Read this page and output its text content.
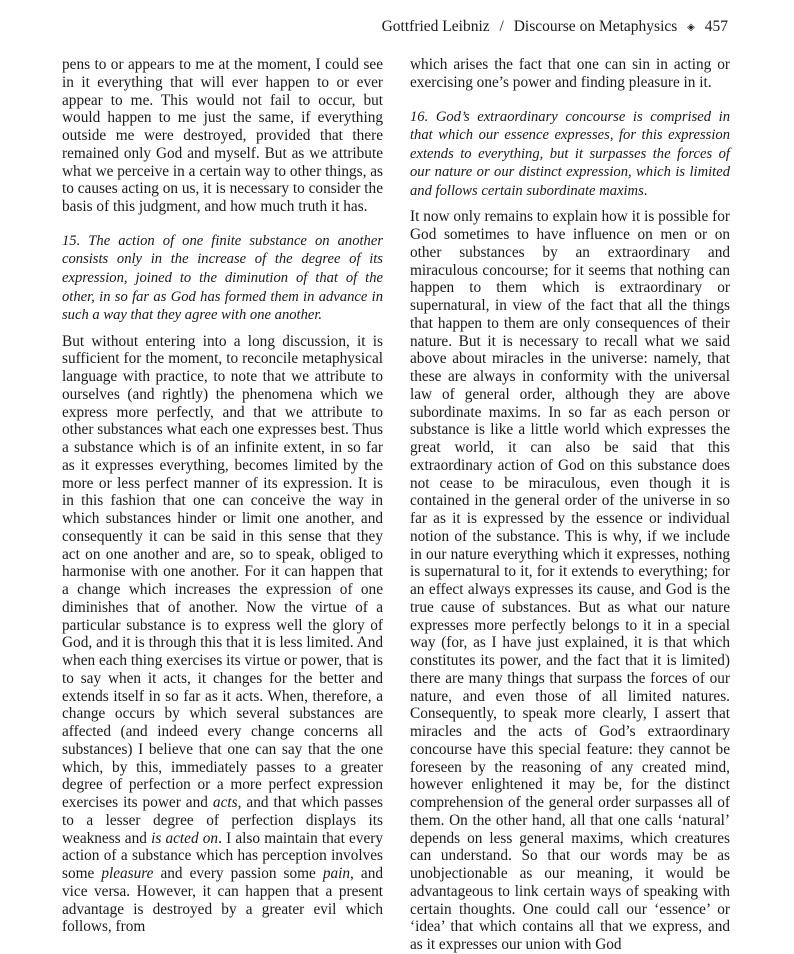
Gottfried Leibniz / Discourse on Metaphysics ◈ 457

pens to or appears to me at the moment, I could see in it everything that will ever happen to or ever appear to me. This would not fail to occur, but would happen to me just the same, if everything outside me were destroyed, provided that there remained only God and myself. But as we attribute what we perceive in a certain way to other things, as to causes acting on us, it is necessary to consider the basis of this judgment, and how much truth it has.

15. The action of one finite substance on another consists only in the increase of the degree of its expression, joined to the diminution of that of the other, in so far as God has formed them in advance in such a way that they agree with one another.

But without entering into a long discussion, it is sufficient for the moment, to reconcile metaphysical language with practice, to note that we attribute to ourselves (and rightly) the phenomena which we express more perfectly, and that we attribute to other substances what each one expresses best. Thus a substance which is of an infinite extent, in so far as it expresses everything, becomes limited by the more or less perfect manner of its expression. It is in this fashion that one can conceive the way in which substances hinder or limit one another, and consequently it can be said in this sense that they act on one another and are, so to speak, obliged to harmonise with one another. For it can happen that a change which increases the expression of one diminishes that of another. Now the virtue of a particular substance is to express well the glory of God, and it is through this that it is less limited. And when each thing exercises its virtue or power, that is to say when it acts, it changes for the better and extends itself in so far as it acts. When, therefore, a change occurs by which several substances are affected (and indeed every change concerns all substances) I believe that one can say that the one which, by this, immediately passes to a greater degree of perfection or a more perfect expression exercises its power and acts, and that which passes to a lesser degree of perfection displays its weakness and is acted on. I also maintain that every action of a substance which has perception involves some pleasure and every passion some pain, and vice versa. However, it can happen that a present advantage is destroyed by a greater evil which follows, from

which arises the fact that one can sin in acting or exercising one’s power and finding pleasure in it.

16. God’s extraordinary concourse is comprised in that which our essence expresses, for this expression extends to everything, but it surpasses the forces of our nature or our distinct expression, which is limited and follows certain subordinate maxims.

It now only remains to explain how it is possible for God sometimes to have influence on men or on other substances by an extraordinary and miraculous concourse; for it seems that nothing can happen to them which is extraordinary or supernatural, in view of the fact that all the things that happen to them are only consequences of their nature. But it is necessary to recall what we said above about miracles in the universe: namely, that these are always in conformity with the universal law of general order, although they are above subordinate maxims. In so far as each person or substance is like a little world which expresses the great world, it can also be said that this extraordinary action of God on this substance does not cease to be miraculous, even though it is contained in the general order of the universe in so far as it is expressed by the essence or individual notion of the substance. This is why, if we include in our nature everything which it expresses, nothing is supernatural to it, for it extends to everything; for an effect always expresses its cause, and God is the true cause of substances. But as what our nature expresses more perfectly belongs to it in a special way (for, as I have just explained, it is that which constitutes its power, and the fact that it is limited) there are many things that surpass the forces of our nature, and even those of all limited natures. Consequently, to speak more clearly, I assert that miracles and the acts of God’s extraordinary concourse have this special feature: they cannot be foreseen by the reasoning of any created mind, however enlightened it may be, for the distinct comprehension of the general order surpasses all of them. On the other hand, all that one calls ‘natural’ depends on less general maxims, which creatures can understand. So that our words may be as unobjectionable as our meaning, it would be advantageous to link certain ways of speaking with certain thoughts. One could call our ‘essence’ or ‘idea’ that which contains all that we express, and as it expresses our union with God
